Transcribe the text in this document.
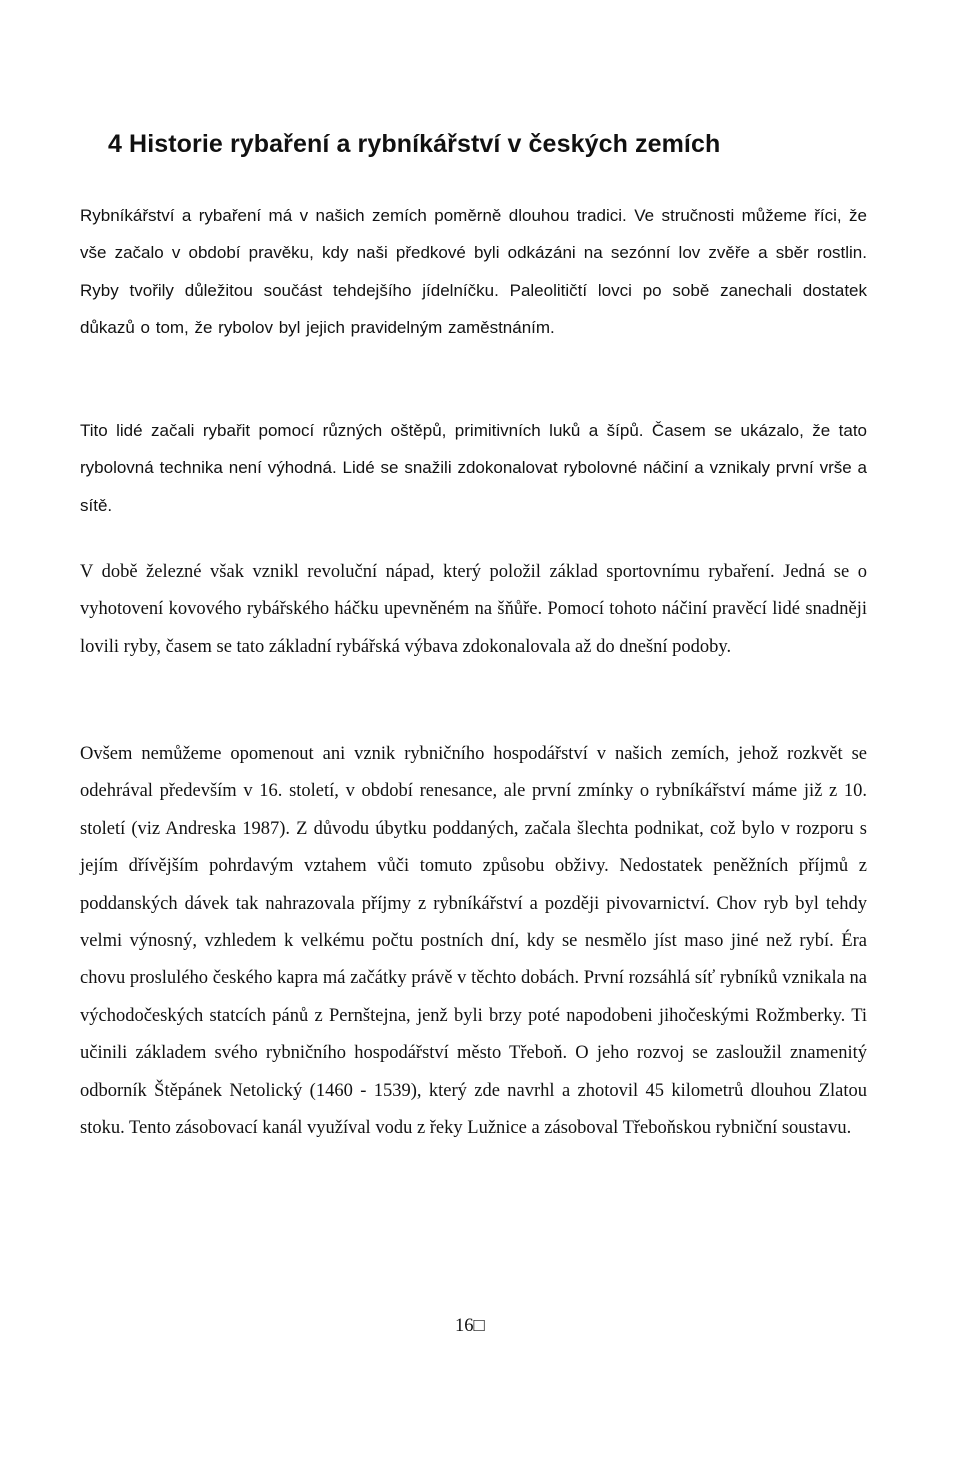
4 Historie rybaření a rybníkářství v českých zemích

Rybníkářství a rybaření má v našich zemích poměrně dlouhou tradici. Ve stručnosti můžeme říci, že vše začalo v období pravěku, kdy naši předkové byli odkázáni na sezónní lov zvěře a sběr rostlin. Ryby tvořily důležitou součást tehdejšího jídelníčku. Paleolitičtí lovci po sobě zanechali dostatek důkazů o tom, že rybolov byl jejich pravidelným zaměstnáním.

Tito lidé začali rybařit pomocí různých oštěpů, primitivních luků a šípů. Časem se ukázalo, že tato rybolovná technika není výhodná. Lidé se snažili zdokonalovat rybolovné náčiní a vznikaly první vrše a sítě.

V době železné však vznikl revoluční nápad, který položil základ sportovnímu rybaření. Jedná se o vyhotovení kovového rybářského háčku upevněném na šňůře. Pomocí tohoto náčiní pravěcí lidé snadněji lovili ryby, časem se tato základní rybářská výbava zdokonalovala až do dnešní podoby.

Ovšem nemůžeme opomenout ani vznik rybničního hospodářství v našich zemích, jehož rozkvět se odehrával především v 16. století, v období renesance, ale první zmínky o rybníkářství máme již z 10. století (viz Andreska 1987). Z důvodu úbytku poddaných, začala šlechta podnikat, což bylo v rozporu s jejím dřívějším pohrdavým vztahem vůči tomuto způsobu obživy. Nedostatek peněžních příjmů z poddanských dávek tak nahrazovala příjmy z rybníkářství a později pivovarnictví. Chov ryb byl tehdy velmi výnosný, vzhledem k velkému počtu postních dní, kdy se nesmělo jíst maso jiné než rybí. Éra chovu proslulého českého kapra má začátky právě v těchto dobách. První rozsáhlá síť rybníků vznikala na východočeských statcích pánů z Pernštejna, jenž byli brzy poté napodobeni jihočeskými Rožmberky. Ti učinili základem svého rybničního hospodářství město Třeboň. O jeho rozvoj se zasloužil znamenitý odborník Štěpánek Netolický (1460 - 1539), který zde navrhl a zhotovil 45 kilometrů dlouhou Zlatou stoku. Tento zásobovací kanál využíval vodu z řeky Lužnice a zásoboval Třeboňskou rybniční soustavu.

16□
